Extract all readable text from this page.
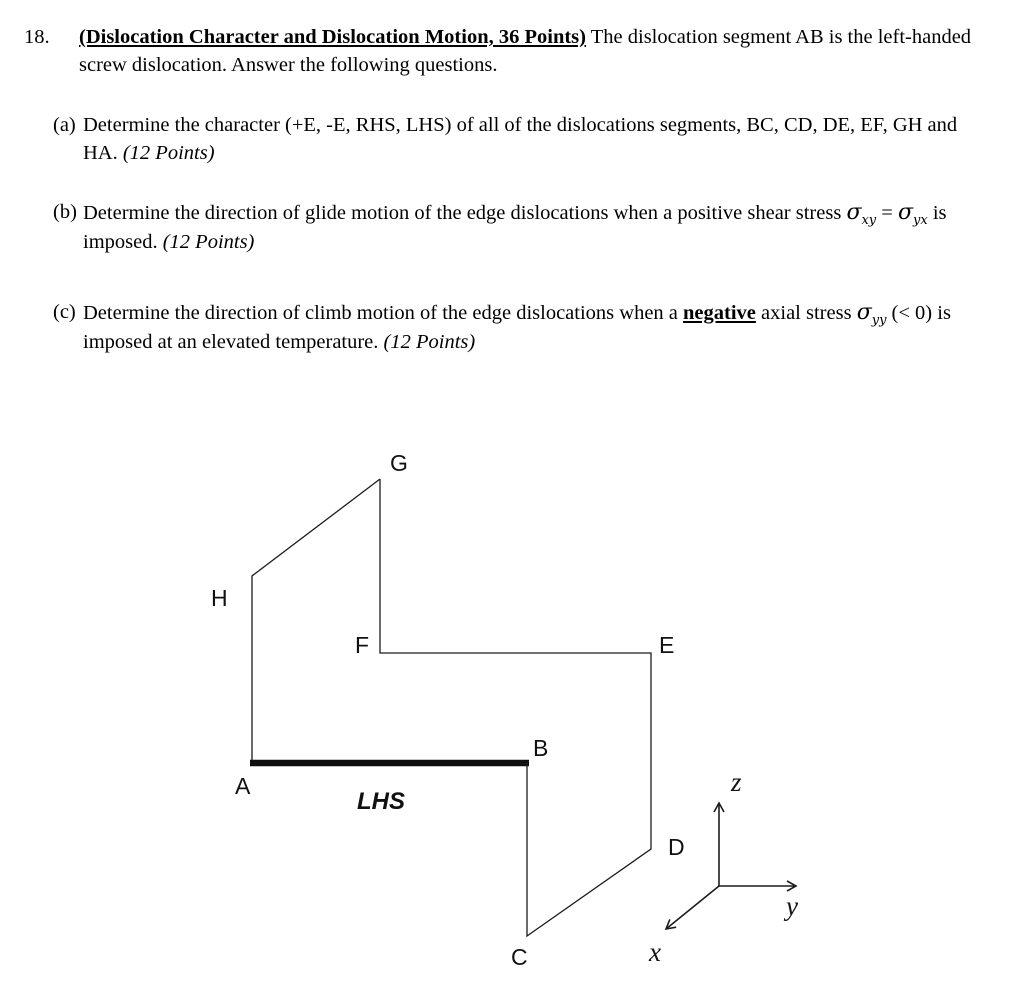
18.	(Dislocation Character and Dislocation Motion, 36 Points) The dislocation segment AB is the left-handed screw dislocation. Answer the following questions.
(a) Determine the character (+E, -E, RHS, LHS) of all of the dislocations segments, BC, CD, DE, EF, GH and HA. (12 Points)
(b) Determine the direction of glide motion of the edge dislocations when a positive shear stress $\sigma_{xy} = \sigma_{yx}$ is imposed. (12 Points)
(c) Determine the direction of climb motion of the edge dislocations when a negative axial stress $\sigma_{yy}$ (< 0) is imposed at an elevated temperature. (12 Points)
G
H
F	E
B
A
D
C
LHS
z
y
x
